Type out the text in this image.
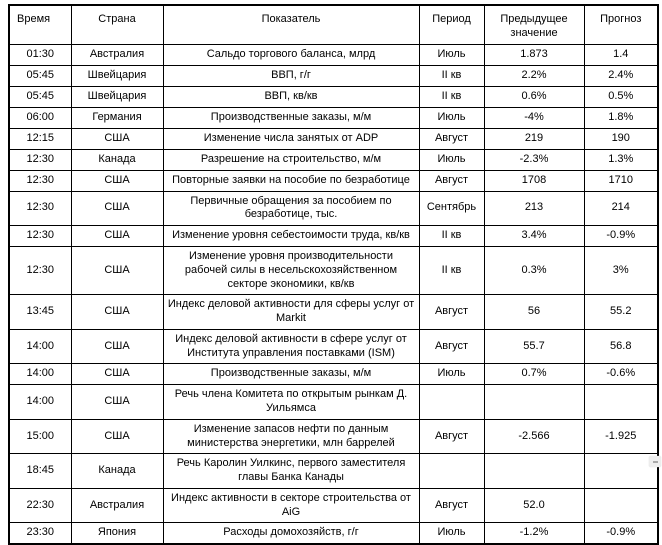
Время	Страна	Показатель	Период	Предыдущее значение	Прогноз
01:30	Австралия	Сальдо торгового баланса, млрд	Июль	1.873	1.4
05:45	Швейцария	ВВП, г/г	II кв	2.2%	2.4%
05:45	Швейцария	ВВП, кв/кв	II кв	0.6%	0.5%
06:00	Германия	Производственные заказы, м/м	Июль	-4%	1.8%
12:15	США	Изменение числа занятых от ADP	Август	219	190
12:30	Канада	Разрешение на строительство, м/м	Июль	-2.3%	1.3%
12:30	США	Повторные заявки на пособие по безработице	Август	1708	1710
12:30	США	Первичные обращения за пособием по безработице, тыс.	Сентябрь	213	214
12:30	США	Изменение уровня себестоимости труда, кв/кв	II кв	3.4%	-0.9%
12:30	США	Изменение уровня производительности рабочей силы в несельскохозяйственном секторе экономики, кв/кв	II кв	0.3%	3%
13:45	США	Индекс деловой активности для сферы услуг от Markit	Август	56	55.2
14:00	США	Индекс деловой активности в сфере услуг от Института управления поставками (ISM)	Август	55.7	56.8
14:00	США	Производственные заказы, м/м	Июль	0.7%	-0.6%
14:00	США	Речь члена Комитета по открытым рынкам Д. Уильямса			
15:00	США	Изменение запасов нефти по данным министерства энергетики, млн баррелей	Август	-2.566	-1.925
18:45	Канада	Речь Каролин Уилкинс, первого заместителя главы Банка Канады			
22:30	Австралия	Индекс активности в секторе строительства от AiG	Август	52.0	
23:30	Япония	Расходы домохозяйств, г/г	Июль	-1.2%	-0.9%
